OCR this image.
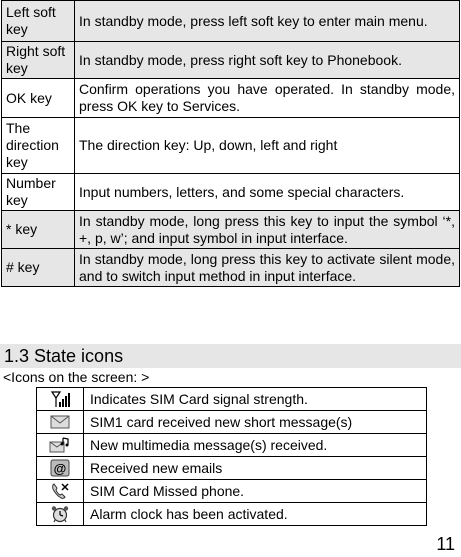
Left soft key	In standby mode, press left soft key to enter main menu.
Right soft key	In standby mode, press right soft key to Phonebook.
OK key	Confirm operations you have operated. In standby mode, press OK key to Services.
The direction key	The direction key: Up, down, left and right
Number key	Input numbers, letters, and some special characters.
* key	In standby mode, long press this key to input the symbol ‘*, +, p, w’; and input symbol in input interface.
# key	In standby mode, long press this key to activate silent mode, and to switch input method in input interface.
1.3 State icons
<Icons on the screen: >
	Indicates SIM Card signal strength.

	SIM1 card received new short message(s)

	New multimedia message(s) received.

@	Received new emails

	SIM Card Missed phone.

	Alarm clock has been activated.
11
